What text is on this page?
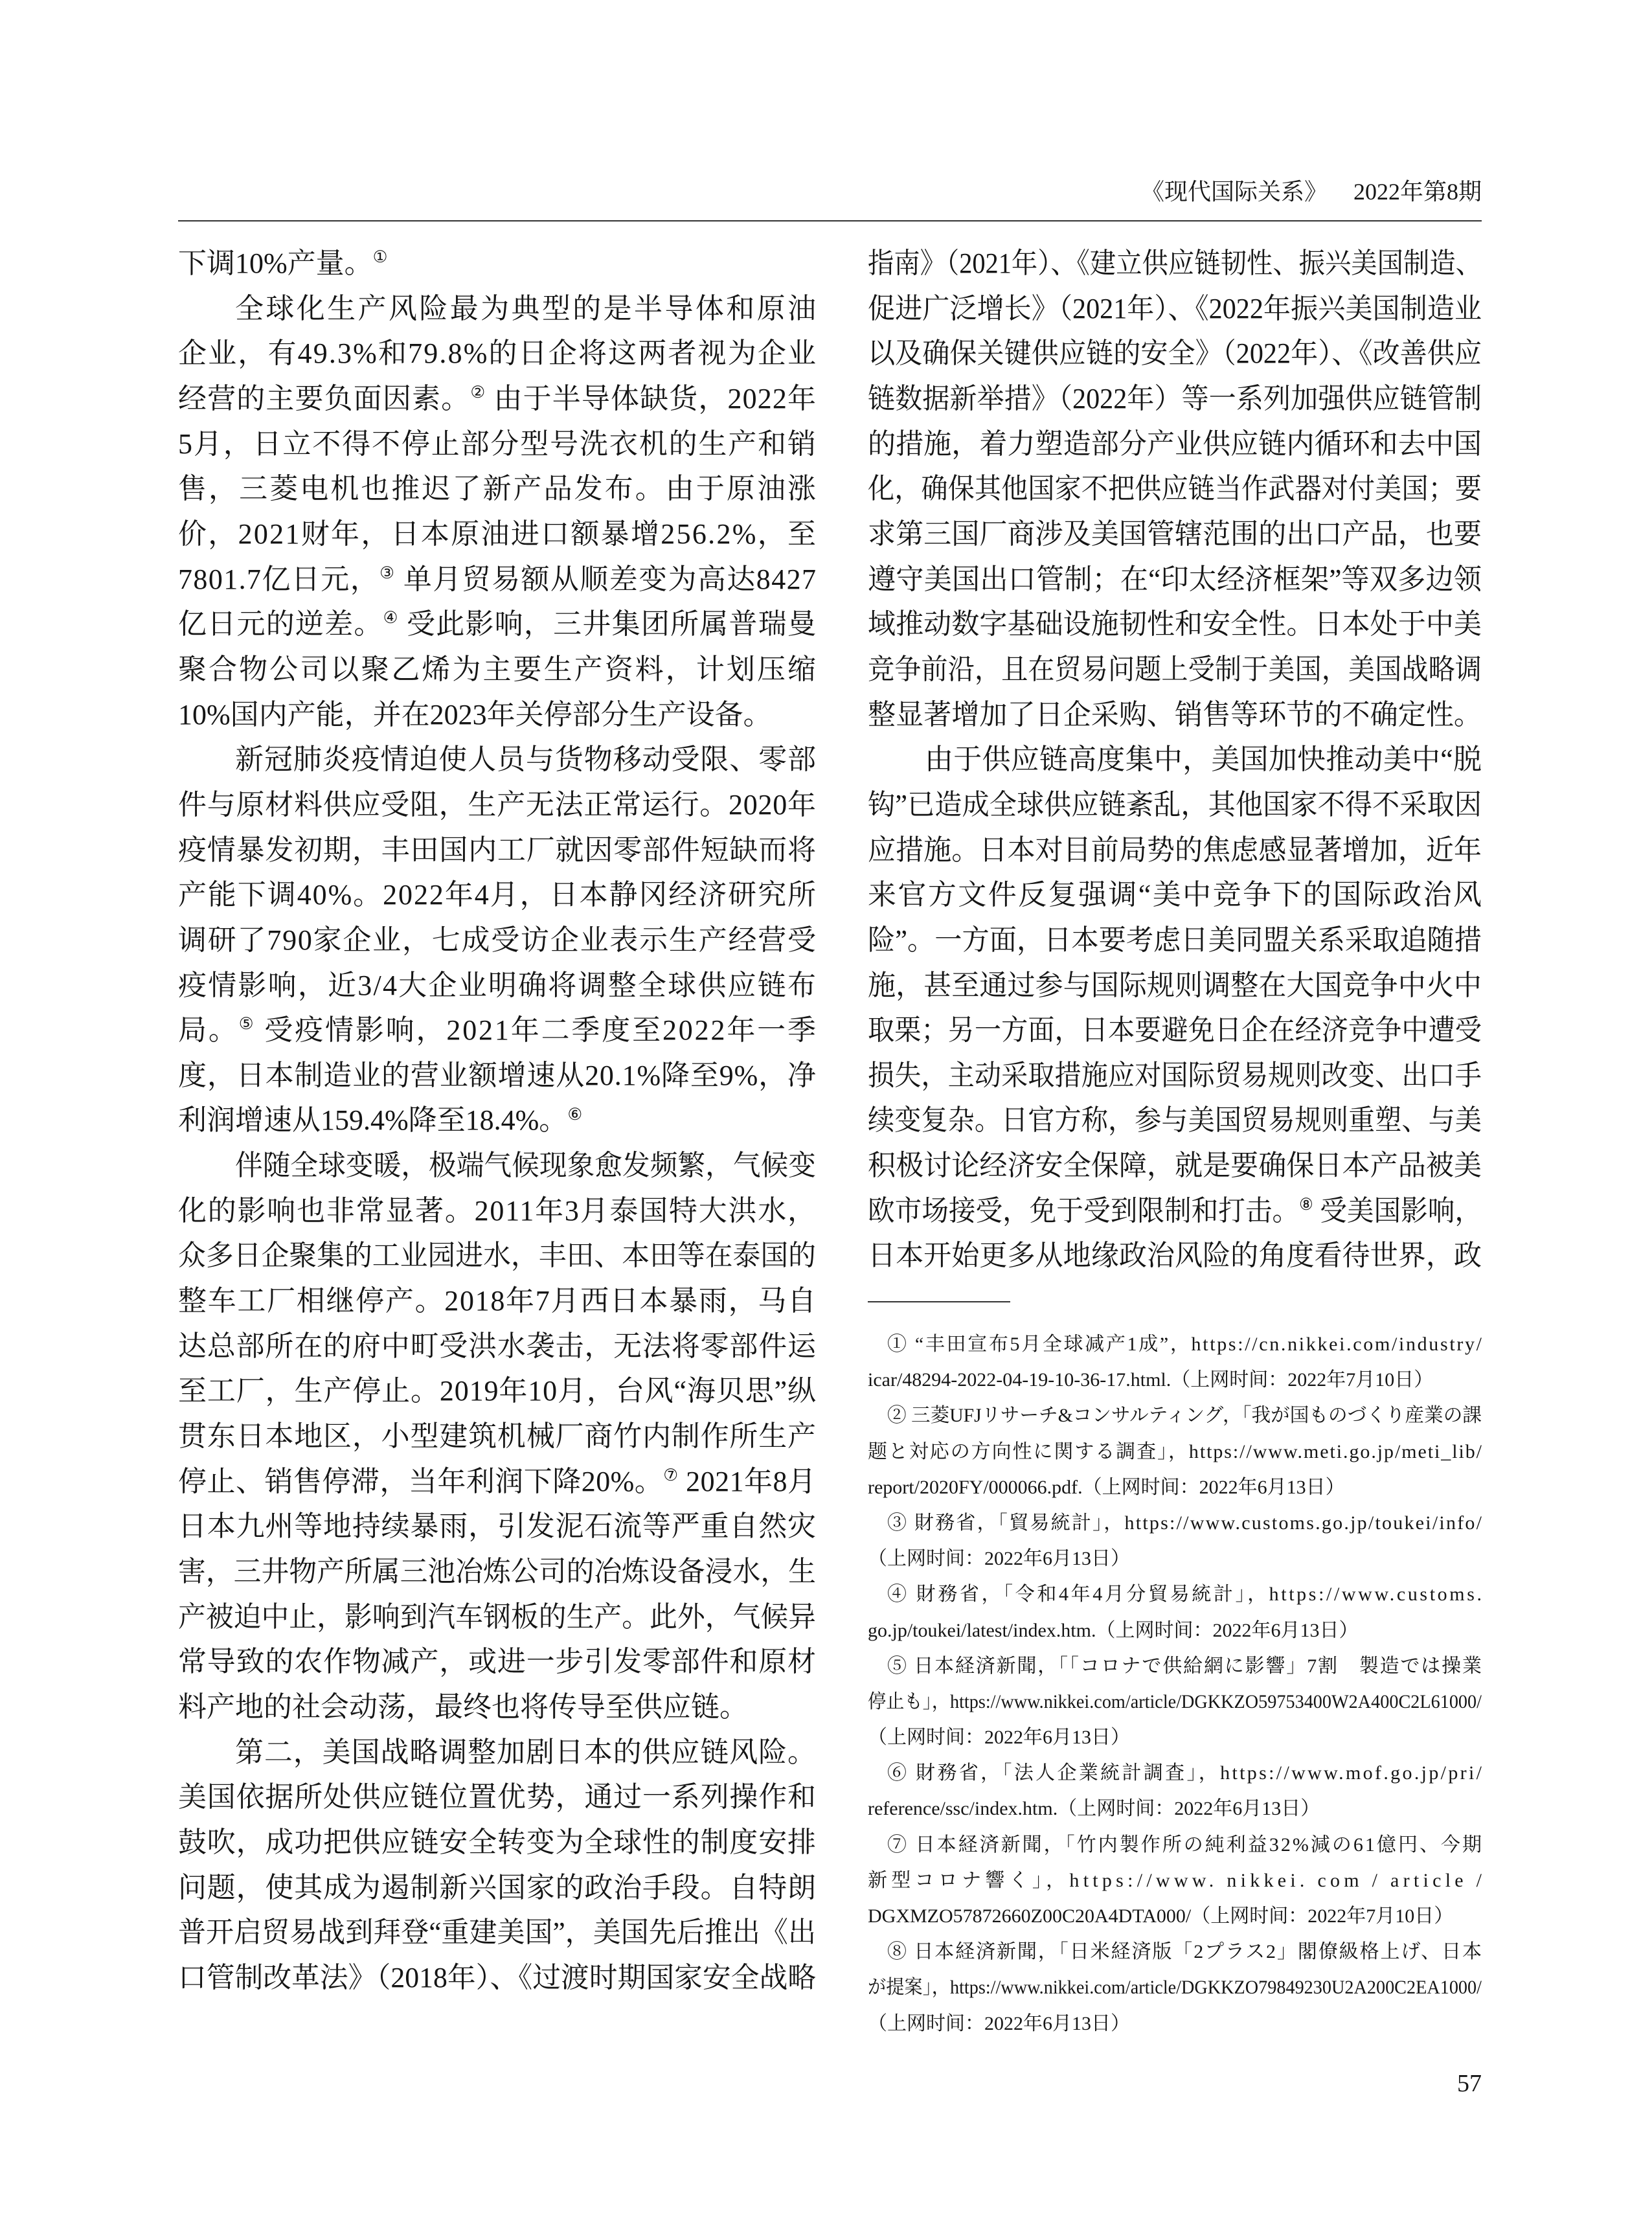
《现代国际关系》 2022年第8期
下调10%产量。①
全球化生产风险最为典型的是半导体和原油
企业，有49.3%和79.8%的日企将这两者视为企业
经营的主要负面因素。② 由于半导体缺货，2022年
5月，日立不得不停止部分型号洗衣机的生产和销
售，三菱电机也推迟了新产品发布。由于原油涨
价，2021财年，日本原油进口额暴增256.2%，至
7801.7亿日元，③ 单月贸易额从顺差变为高达8427
亿日元的逆差。④ 受此影响，三井集团所属普瑞曼
聚合物公司以聚乙烯为主要生产资料，计划压缩
10%国内产能，并在2023年关停部分生产设备。
新冠肺炎疫情迫使人员与货物移动受限、零部
件与原材料供应受阻，生产无法正常运行。2020年
疫情暴发初期，丰田国内工厂就因零部件短缺而将
产能下调40%。2022年4月，日本静冈经济研究所
调研了790家企业，七成受访企业表示生产经营受
疫情影响，近3/4大企业明确将调整全球供应链布
局。⑤ 受疫情影响，2021年二季度至2022年一季
度，日本制造业的营业额增速从20.1%降至9%，净
利润增速从159.4%降至18.4%。⑥
伴随全球变暖，极端气候现象愈发频繁，气候变
化的影响也非常显著。2011年3月泰国特大洪水，
众多日企聚集的工业园进水，丰田、本田等在泰国的
整车工厂相继停产。2018年7月西日本暴雨，马自
达总部所在的府中町受洪水袭击，无法将零部件运
至工厂，生产停止。2019年10月，台风“海贝思”纵
贯东日本地区，小型建筑机械厂商竹内制作所生产
停止、销售停滞，当年利润下降20%。⑦ 2021年8月
日本九州等地持续暴雨，引发泥石流等严重自然灾
害，三井物产所属三池冶炼公司的冶炼设备浸水，生
产被迫中止，影响到汽车钢板的生产。此外，气候异
常导致的农作物减产，或进一步引发零部件和原材
料产地的社会动荡，最终也将传导至供应链。
第二，美国战略调整加剧日本的供应链风险。
美国依据所处供应链位置优势，通过一系列操作和
鼓吹，成功把供应链安全转变为全球性的制度安排
问题，使其成为遏制新兴国家的政治手段。自特朗
普开启贸易战到拜登“重建美国”，美国先后推出《出
口管制改革法》（2018年）、《过渡时期国家安全战略
指南》（2021年）、《建立供应链韧性、振兴美国制造、
促进广泛增长》（2021年）、《2022年振兴美国制造业
以及确保关键供应链的安全》（2022年）、《改善供应
链数据新举措》（2022年）等一系列加强供应链管制
的措施，着力塑造部分产业供应链内循环和去中国
化，确保其他国家不把供应链当作武器对付美国；要
求第三国厂商涉及美国管辖范围的出口产品，也要
遵守美国出口管制；在“印太经济框架”等双多边领
域推动数字基础设施韧性和安全性。日本处于中美
竞争前沿，且在贸易问题上受制于美国，美国战略调
整显著增加了日企采购、销售等环节的不确定性。
由于供应链高度集中，美国加快推动美中“脱
钩”已造成全球供应链紊乱，其他国家不得不采取因
应措施。日本对目前局势的焦虑感显著增加，近年
来官方文件反复强调“美中竞争下的国际政治风
险”。一方面，日本要考虑日美同盟关系采取追随措
施，甚至通过参与国际规则调整在大国竞争中火中
取栗；另一方面，日本要避免日企在经济竞争中遭受
损失，主动采取措施应对国际贸易规则改变、出口手
续变复杂。日官方称，参与美国贸易规则重塑、与美
积极讨论经济安全保障，就是要确保日本产品被美
欧市场接受，免于受到限制和打击。⑧ 受美国影响，
日本开始更多从地缘政治风险的角度看待世界，政
① “丰田宣布5月全球减产1成”，https://cn.nikkei.com/industry/
icar/48294-2022-04-19-10-36-17.html.（上网时间：2022年7月10日）
② 三菱UFJリサーチ&コンサルティング，「我が国ものづくり産業の課
题と対応の方向性に関する調査」，https://www.meti.go.jp/meti_lib/
report/2020FY/000066.pdf.（上网时间：2022年6月13日）
③ 財務省，「貿易統計」，https://www.customs.go.jp/toukei/info/
（上网时间：2022年6月13日）
④ 財務省，「令和4年4月分貿易統計」，https://www.customs.
go.jp/toukei/latest/index.htm.（上网时间：2022年6月13日）
⑤ 日本経済新聞，「「コロナで供給網に影響」7割　製造では操業
停止も」，https://www.nikkei.com/article/DGKKZO59753400W2A400C2L61000/
（上网时间：2022年6月13日）
⑥ 財務省，「法人企業統計調査」，https://www.mof.go.jp/pri/
reference/ssc/index.htm.（上网时间：2022年6月13日）
⑦ 日本経済新聞，「竹内製作所の純利益32%減の61億円、今期
新型コロナ響く」，https://www. nikkei. com / article /
DGXMZO57872660Z00C20A4DTA000/（上网时间：2022年7月10日）
⑧ 日本経済新聞，「日米経済版「2プラス2」閣僚級格上げ、日本
が提案」，https://www.nikkei.com/article/DGKKZO79849230U2A200C2EA1000/
（上网时间：2022年6月13日）
57
